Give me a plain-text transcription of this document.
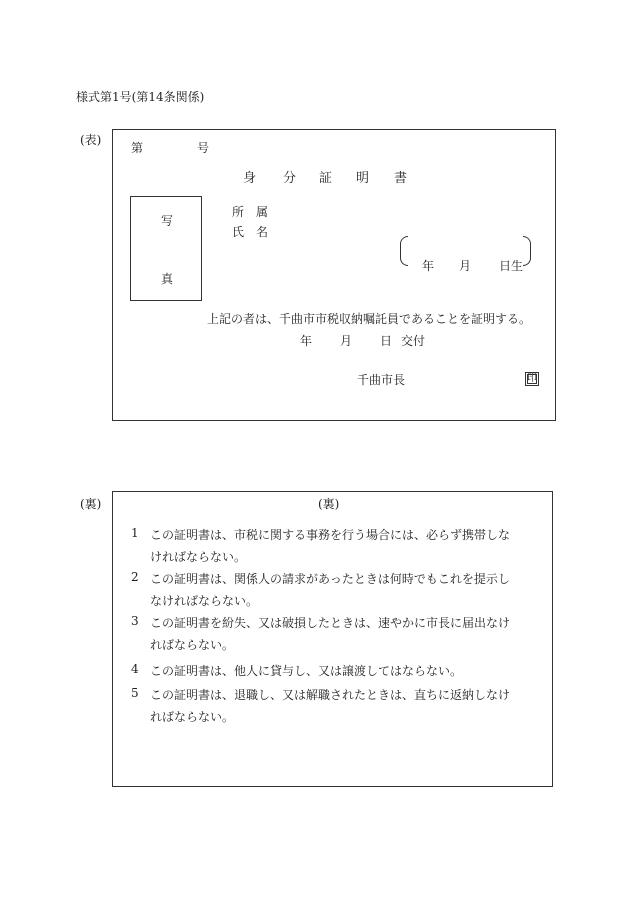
様式第1号(第14条関係)
(表)
第	号
身 分 証 明 書
写
真
所 属
氏 名
年 月 日生
上記の者は、千曲市市税収納嘱託員であることを証明する。
年 月 日 交付
千曲市長	印
(裏)	(裏)
1 この証明書は、市税に関する事務を行う場合には、必らず携帯しな
ければならない。
2 この証明書は、関係人の請求があったときは何時でもこれを提示し
なければならない。
3 この証明書を紛失、又は破損したときは、速やかに市長に届出なけ
ればならない。
4 この証明書は、他人に貸与し、又は譲渡してはならない。
5 この証明書は、退職し、又は解職されたときは、直ちに返納しなけ
ればならない。
